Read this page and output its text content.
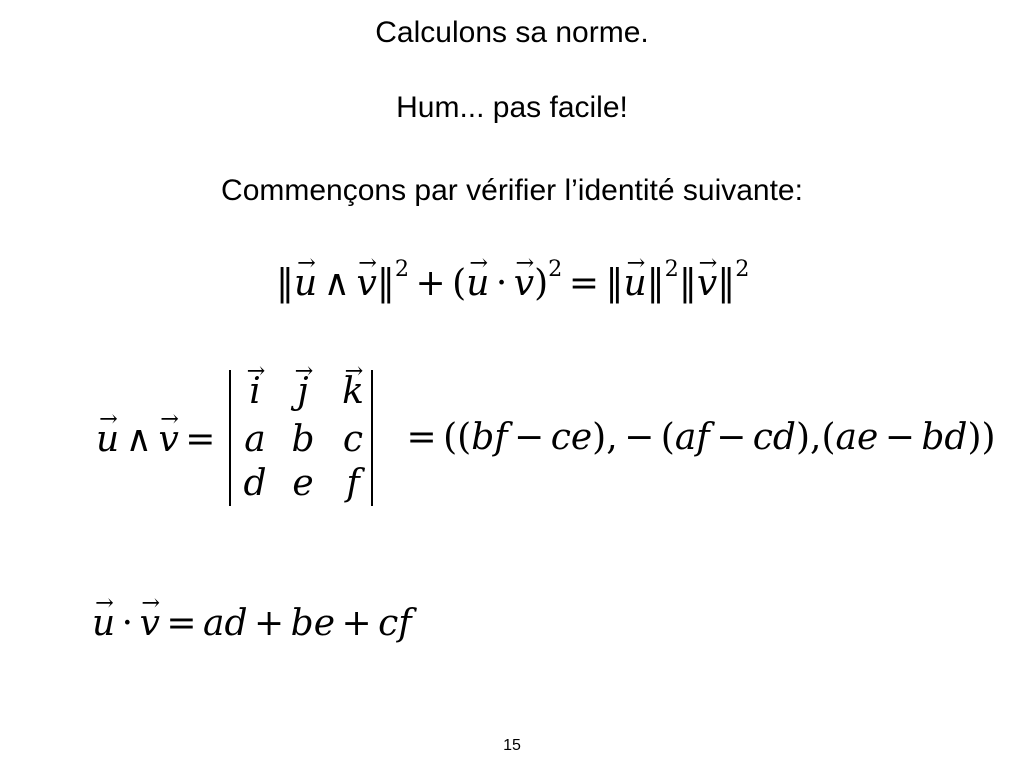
Calculons sa norme.
Hum... pas facile!
Commençons par vérifier l’identité suivante:
‖→ u ∧ → v‖$^2$ + (→ u · → v)$^2$ = ‖→ u‖$^2$‖→ v‖$^2$
→ u ∧ → v =
→ i	→ j → k
a b c
d e f
= ((bf − ce), − (af − cd),(ae − bd))
→ u · → v = ad + be + cf
15
